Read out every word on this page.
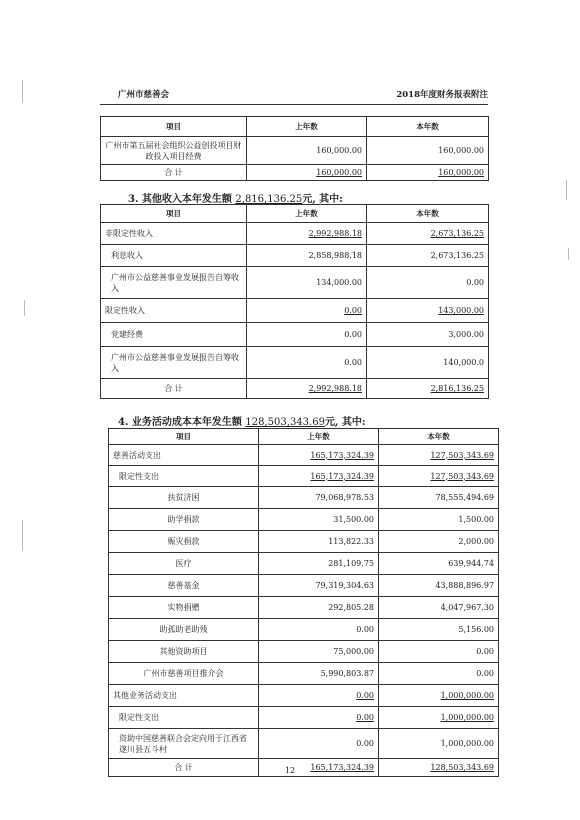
广州市慈善会	2018年度财务报表附注
项目	上年数	本年数
广州市第五届社会组织公益创投项目财政投入项目经费	160,000.00	160,000.00
合 计	160,000.00	160,000.00
3. 其他收入本年发生额 2,816,136.25元, 其中:
项目	上年数	本年数
非限定性收入	2,992,988.18	2,673,136.25
利息收入	2,858,988.18	2,673,136.25
广州市公益慈善事业发展报告自筹收入	134,000.00	0.00
限定性收入	0.00	143,000.00
党建经费	0.00	3,000.00
广州市公益慈善事业发展报告自筹收入	0.00	140,000.0
合 计	2,992,988.18	2,816,136.25
4. 业务活动成本本年发生额 128,503,343.69元, 其中:
项目	上年数	本年数
慈善活动支出	165,173,324.39	127,503,343.69
限定性支出	165,173,324.39	127,503,343.69
扶贫济困	79,068,978.53	78,555,494.69
助学捐款	31,500.00	1,500.00
赈灾捐款	113,822.33	2,000.00
医疗	281,109.75	639,944.74
慈善基金	79,319,304.63	43,888,896.97
实物捐赠	292,805.28	4,047,967.30
助孤助老助残	0.00	5,156.00
其他资助项目	75,000.00	0.00
广州市慈善项目推介会	5,990,803.87	0.00
其他业务活动支出	0.00	1,000,000.00
限定性支出	0.00	1,000,000.00
资助中国慈善联合会定向用于江西省遂川县五斗村	0.00	1,000,000.00
合 计	165,173,324.39	128,503,343.69
12
